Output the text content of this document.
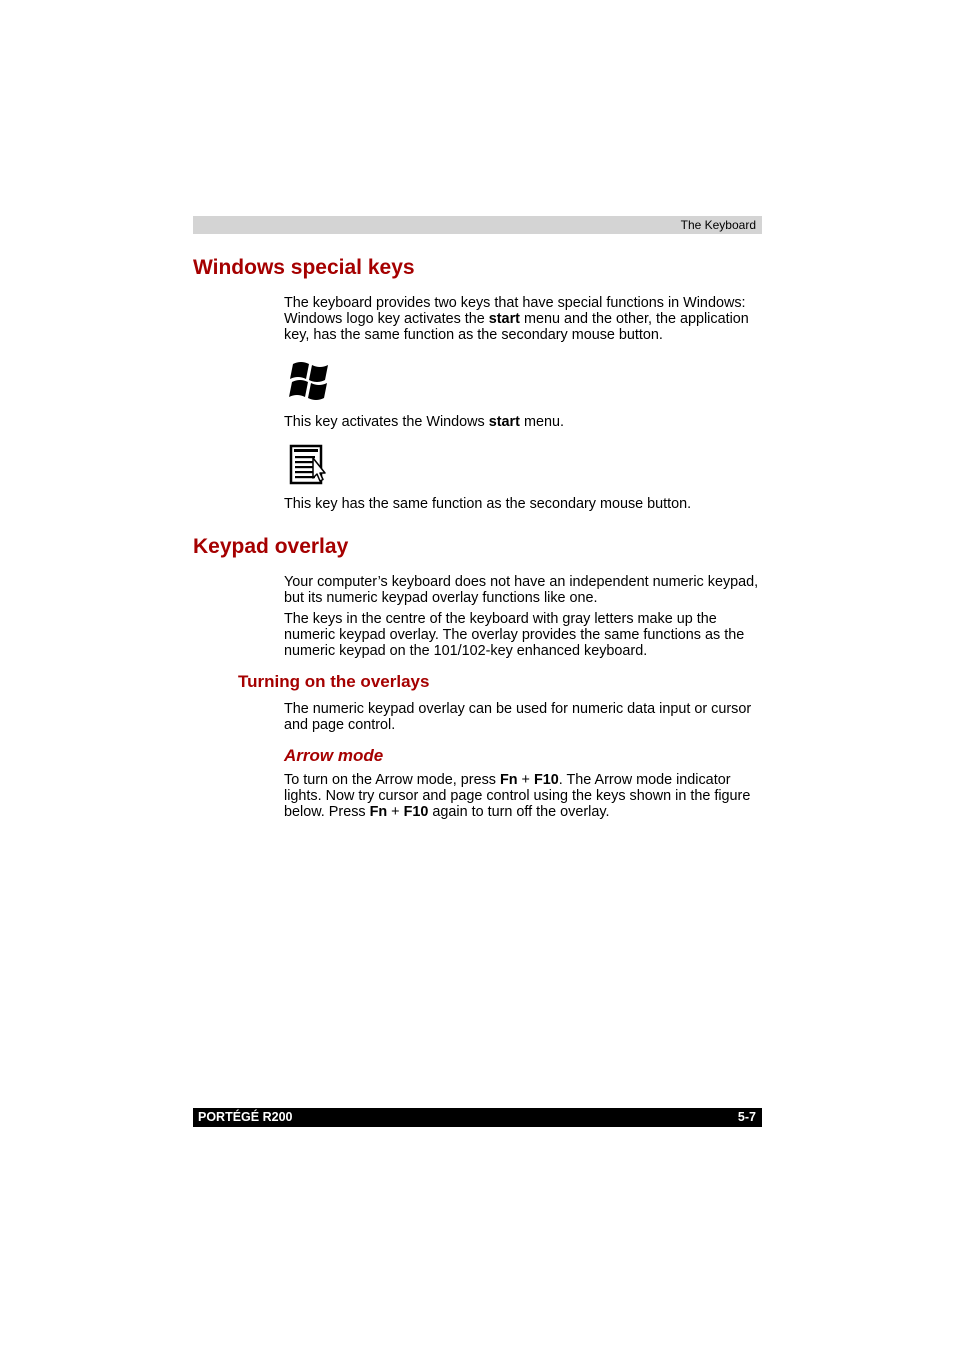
The Keyboard
Windows special keys

The keyboard provides two keys that have special functions in Windows: Windows logo key activates the start menu and the other, the application key, has the same function as the secondary mouse button.

This key activates the Windows start menu.

This key has the same function as the secondary mouse button.

Keypad overlay

Your computer’s keyboard does not have an independent numeric keypad, but its numeric keypad overlay functions like one.

The keys in the centre of the keyboard with gray letters make up the numeric keypad overlay. The overlay provides the same functions as the numeric keypad on the 101/102-key enhanced keyboard.

Turning on the overlays

The numeric keypad overlay can be used for numeric data input or cursor and page control.

Arrow mode

To turn on the Arrow mode, press Fn + F10. The Arrow mode indicator lights. Now try cursor and page control using the keys shown in the figure below. Press Fn + F10 again to turn off the overlay.

PORTÉGÉ R200	5-7
